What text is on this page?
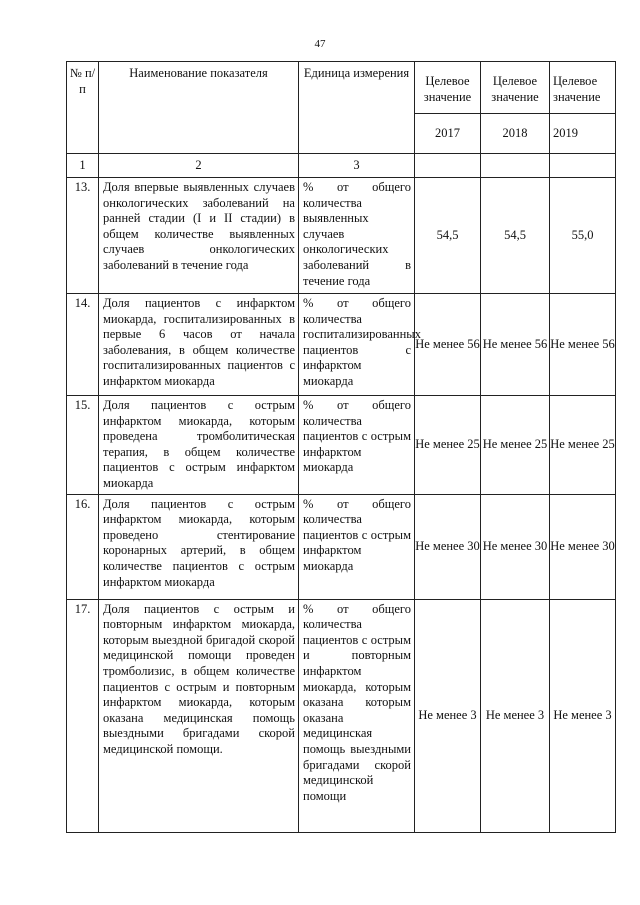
47
№ п/п	Наименование показателя	Единица измерения	Целевое значение	Целевое значение	Целевое значение
			2017	2018	2019
1	2	3			
13.	Доля впервые выявленных случаев онкологических заболеваний на ранней стадии (I и II стадии) в общем количестве выявленных случаев онкологических заболеваний в течение года	% от общего количества выявленных случаев онкологических заболеваний в течение года	54,5	54,5	55,0
14.	Доля пациентов с инфарктом миокарда, госпитализированных в первые 6 часов от начала заболевания, в общем количестве госпитализированных пациентов с инфарктом миокарда	% от общего количества госпитализированных пациентов с инфарктом миокарда	Не менее 56	Не менее 56	Не менее 56
15.	Доля пациентов с острым инфарктом миокарда, которым проведена тромболитическая терапия, в общем количестве пациентов с острым инфарктом миокарда	% от общего количества пациентов с острым инфарктом миокарда	Не менее 25	Не менее 25	Не менее 25
16.	Доля пациентов с острым инфарктом миокарда, которым проведено стентирование коронарных артерий, в общем количестве пациентов с острым инфарктом миокарда	% от общего количества пациентов с острым инфарктом миокарда	Не менее 30	Не менее 30	Не менее 30
17.	Доля пациентов с острым и повторным инфарктом миокарда, которым выездной бригадой скорой медицинской помощи проведен тромболизис, в общем количестве пациентов с острым и повторным инфарктом миокарда, которым оказана медицинская помощь выездными бригадами скорой медицинской помощи.	% от общего количества пациентов с острым и повторным инфарктом миокарда, которым оказана которым оказана медицинская помощь выездными бригадами скорой медицинской помощи	Не менее 3	Не менее 3	Не менее 3
